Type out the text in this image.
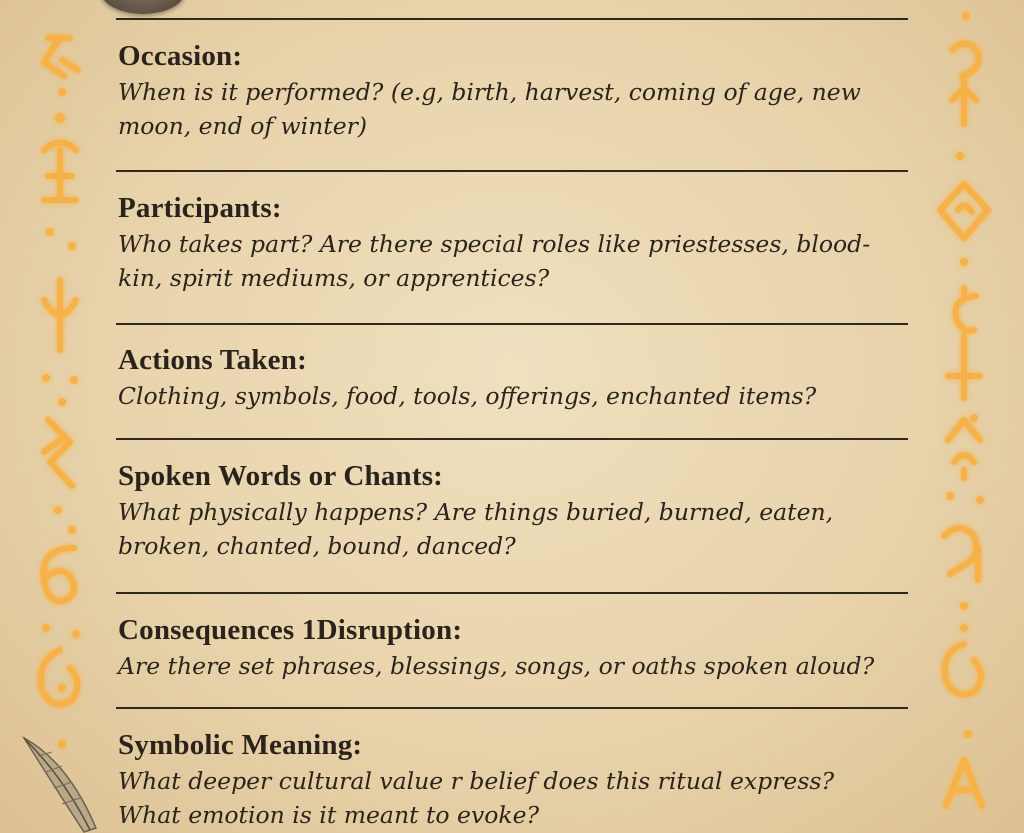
Occasion:
When is it performed? (e.g, birth, harvest, coming of age, new moon, end of winter)
Participants:
Who takes part? Are there special roles like priestesses, blood-kin, spirit mediums, or apprentices?
Actions Taken:
Clothing, symbols, food, tools, offerings, enchanted items?
Spoken Words or Chants:
What physically happens? Are things buried, burned, eaten, broken, chanted, bound, danced?
Consequences 1Disruption:
Are there set phrases, blessings, songs, or oaths spoken aloud?
Symbolic Meaning:
What deeper cultural value r belief does this ritual express? What emotion is it meant to evoke?
